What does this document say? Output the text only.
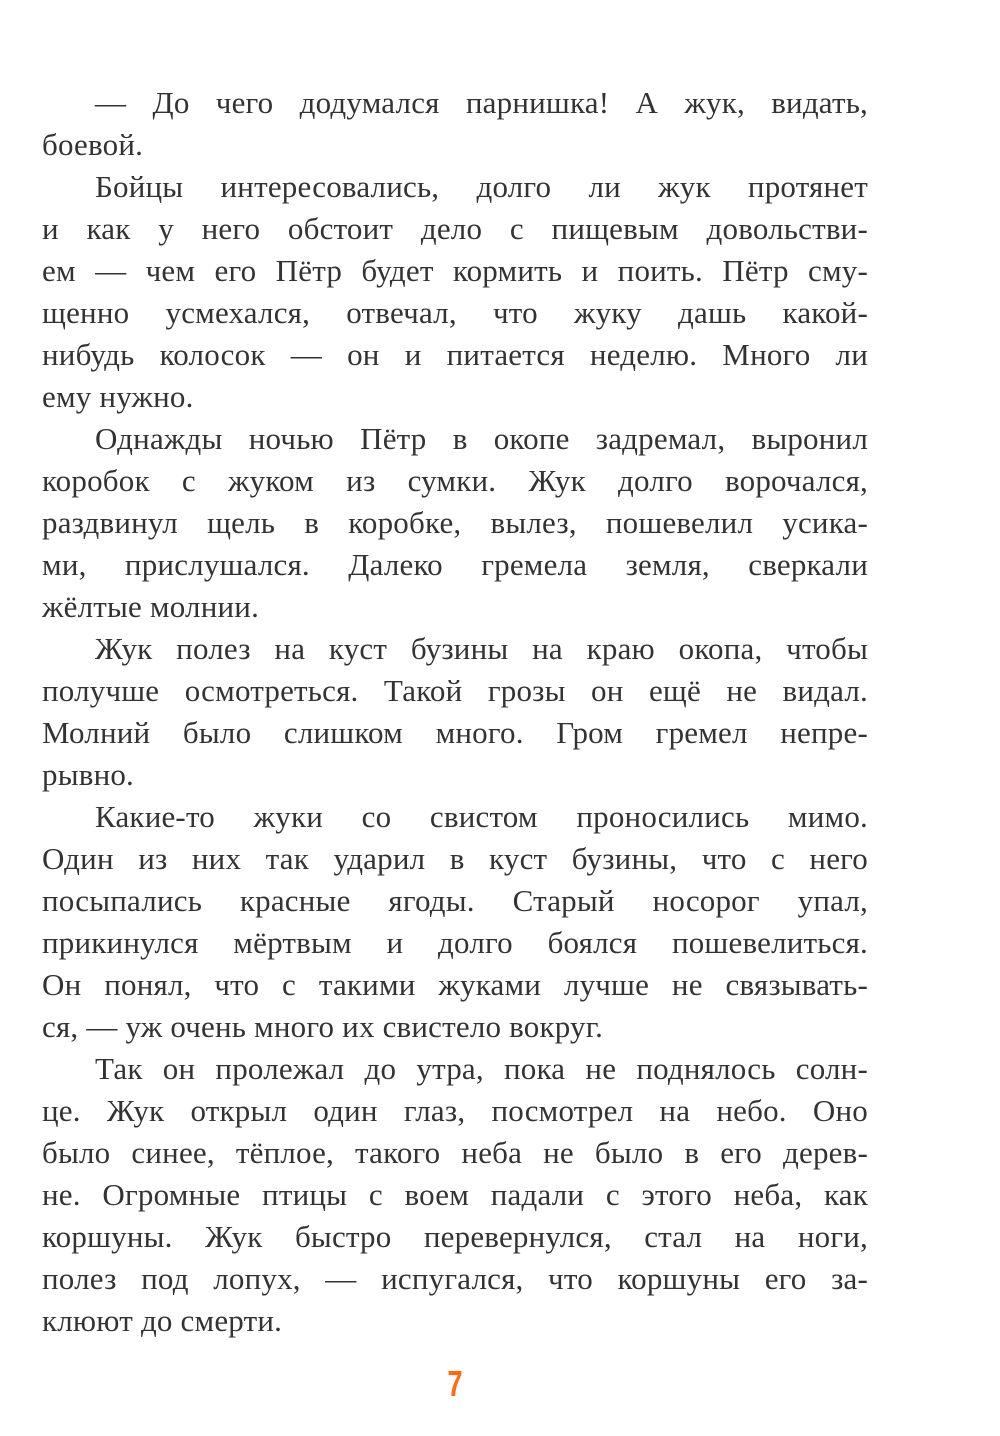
— До чего додумался парнишка! А жук, видать,
боевой.
Бойцы интересовались, долго ли жук протянет
и как у него обстоит дело с пищевым довольстви-
ем — чем его Пётр будет кормить и поить. Пётр сму-
щенно усмехался, отвечал, что жуку дашь какой-
нибудь колосок — он и питается неделю. Много ли
ему нужно.
Однажды ночью Пётр в окопе задремал, выронил
коробок с жуком из сумки. Жук долго ворочался,
раздвинул щель в коробке, вылез, пошевелил усика-
ми, прислушался. Далеко гремела земля, сверкали
жёлтые молнии.
Жук полез на куст бузины на краю окопа, чтобы
получше осмотреться. Такой грозы он ещё не видал.
Молний было слишком много. Гром гремел непре-
рывно.
Какие-то жуки со свистом проносились мимо.
Один из них так ударил в куст бузины, что с него
посыпались красные ягоды. Старый носорог упал,
прикинулся мёртвым и долго боялся пошевелиться.
Он понял, что с такими жуками лучше не связывать-
ся, — уж очень много их свистело вокруг.
Так он пролежал до утра, пока не поднялось солн-
це. Жук открыл один глаз, посмотрел на небо. Оно
было синее, тёплое, такого неба не было в его дерев-
не. Огромные птицы с воем падали с этого неба, как
коршуны. Жук быстро перевернулся, стал на ноги,
полез под лопух, — испугался, что коршуны его за-
клюют до смерти.
7
